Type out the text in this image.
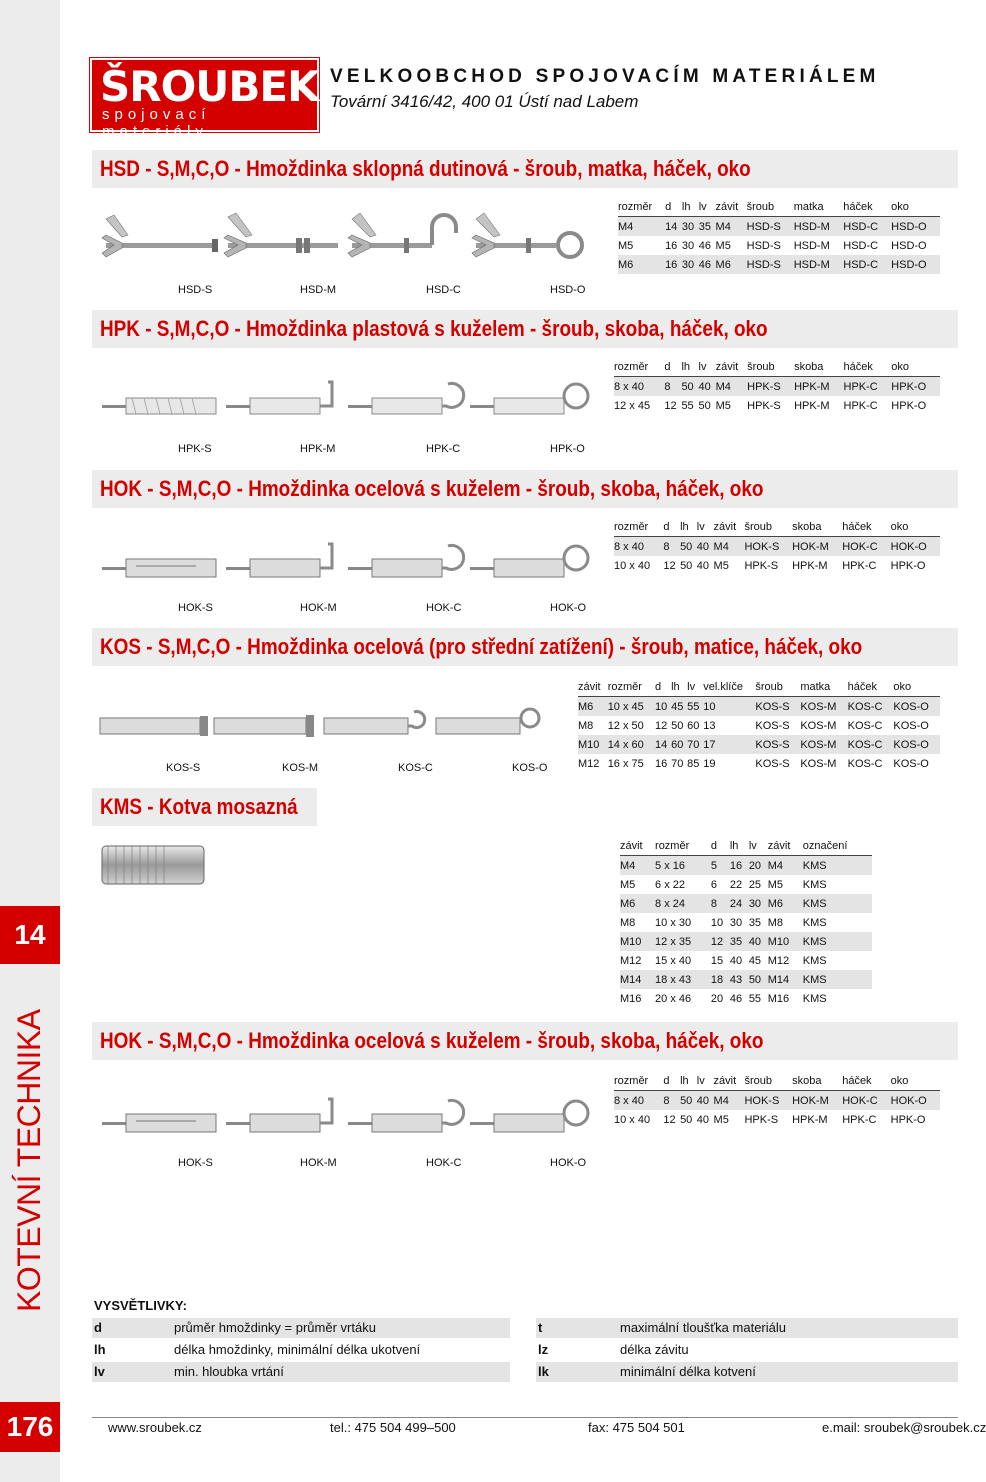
14
KOTEVNÍ TECHNIKA
176
ŠROUBEK®
spojovací materiály
VELKOOBCHOD SPOJOVACÍM MATERIÁLEM
Tovární 3416/42, 400 01 Ústí nad Labem
HSD - S,M,C,O - Hmoždinka sklopná dutinová - šroub, matka, háček, oko
HPK - S,M,C,O - Hmoždinka plastová s kuželem - šroub, skoba, háček, oko
HOK - S,M,C,O - Hmoždinka ocelová s kuželem - šroub, skoba, háček, oko
KOS - S,M,C,O - Hmoždinka ocelová (pro střední zatížení) - šroub, matice, háček, oko
KMS - Kotva mosazná
HOK - S,M,C,O - Hmoždinka ocelová s kuželem - šroub, skoba, háček, oko
rozměr	d	lh	lv	závit	šroub	matka	háček	oko
M4	14	30	35	M4	HSD-S	HSD-M	HSD-C	HSD-O
M5	16	30	46	M5	HSD-S	HSD-M	HSD-C	HSD-O
M6	16	30	46	M6	HSD-S	HSD-M	HSD-C	HSD-O
rozměr	d	lh	lv	závit	šroub	skoba	háček	oko
8 x 40	8	50	40	M4	HPK-S	HPK-M	HPK-C	HPK-O
12 x 45	12	55	50	M5	HPK-S	HPK-M	HPK-C	HPK-O
rozměr	d	lh	lv	závit	šroub	skoba	háček	oko
8 x 40	8	50	40	M4	HOK-S	HOK-M	HOK-C	HOK-O
10 x 40	12	50	40	M5	HPK-S	HPK-M	HPK-C	HPK-O
závit	rozměr	d	lh	lv	vel.klíče	šroub	matka	háček	oko
M6	10 x 45	10	45	55	10	KOS-S	KOS-M	KOS-C	KOS-O
M8	12 x 50	12	50	60	13	KOS-S	KOS-M	KOS-C	KOS-O
M10	14 x 60	14	60	70	17	KOS-S	KOS-M	KOS-C	KOS-O
M12	16 x 75	16	70	85	19	KOS-S	KOS-M	KOS-C	KOS-O
závit	rozměr	d	lh	lv	závit	označení
M4	5 x 16	5	16	20	M4	KMS
M5	6 x 22	6	22	25	M5	KMS
M6	8 x 24	8	24	30	M6	KMS
M8	10 x 30	10	30	35	M8	KMS
M10	12 x 35	12	35	40	M10	KMS
M12	15 x 40	15	40	45	M12	KMS
M14	18 x 43	18	43	50	M14	KMS
M16	20 x 46	20	46	55	M16	KMS
rozměr	d	lh	lv	závit	šroub	skoba	háček	oko
8 x 40	8	50	40	M4	HOK-S	HOK-M	HOK-C	HOK-O
10 x 40	12	50	40	M5	HPK-S	HPK-M	HPK-C	HPK-O
HSD-S	HSD-M	HSD-C	HSD-O
HPK-S	HPK-M	HPK-C	HPK-O
HOK-S	HOK-M	HOK-C	HOK-O
KOS-S	KOS-M	KOS-C	KOS-O
HOK-S	HOK-M	HOK-C	HOK-O
VYSVĚTLIVKY:
d	průměr hmoždinky = průměr vrtáku
lh	délka hmoždinky, minimální délka ukotvení
lv	min. hloubka vrtání
t	maximální tloušťka materiálu
lz	délka závitu
lk	minimální délka kotvení
www.sroubek.cz	tel.: 475 504 499–500	fax: 475 504 501	e.mail: sroubek@sroubek.cz
